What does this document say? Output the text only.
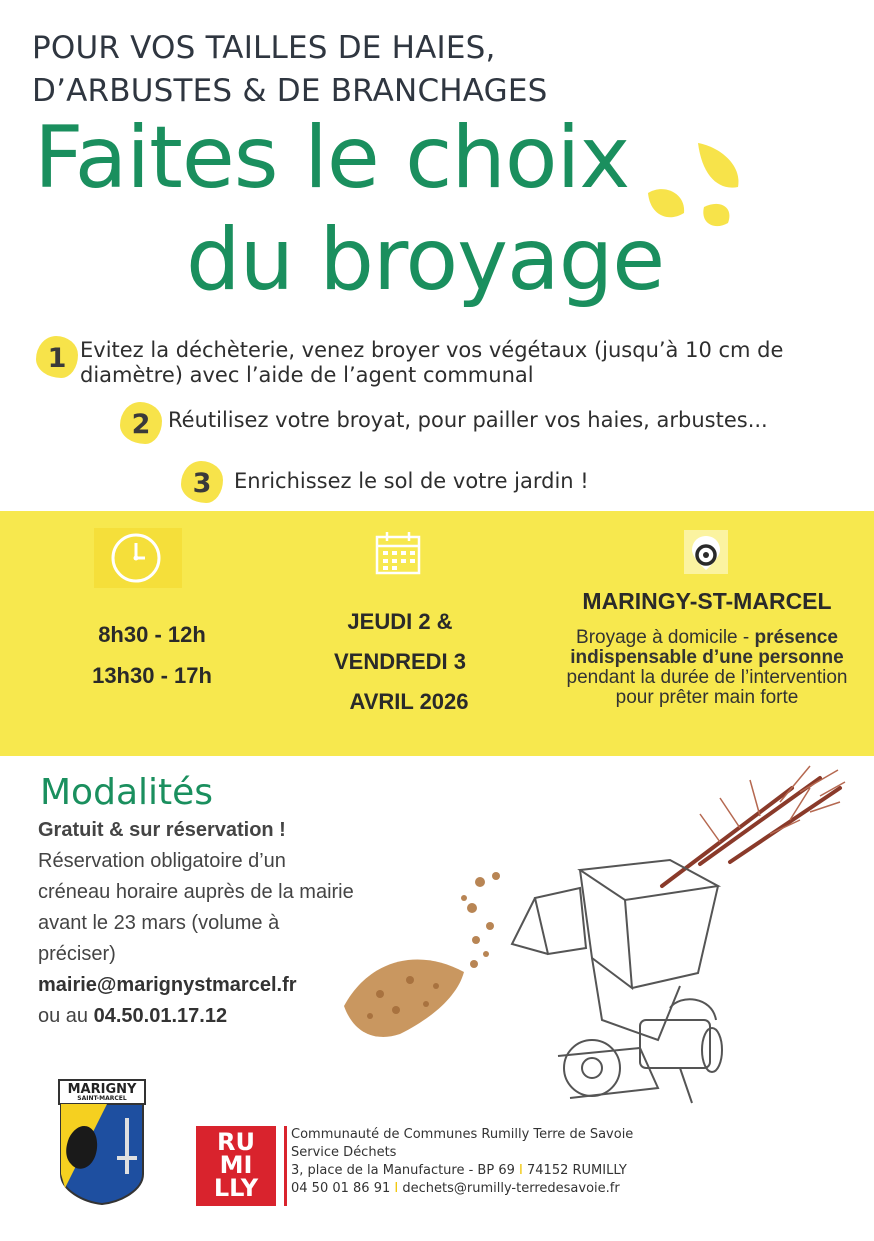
POUR VOS TAILLES DE HAIES,
D’ARBUSTES & DE BRANCHAGES
Faites le choix
du broyage
1 Evitez la déchèterie, venez broyer vos végétaux (jusqu’à 10 cm de
diamètre) avec l’aide de l’agent communal
2 Réutilisez votre broyat, pour pailler vos haies, arbustes...
3	Enrichissez le sol de votre jardin !
8h30 - 12h
13h30 - 17h
JEUDI 2 &
VENDREDI 3
AVRIL 2026
MARINGY-ST-MARCEL
Broyage à domicile - présence indispensable d’une personne pendant la durée de l’intervention pour prêter main forte
Modalités
Gratuit & sur réservation !
Réservation obligatoire d’un
créneau horaire auprès de la mairie
avant le 23 mars (volume à
préciser)
mairie@marignystmarcel.fr
ou au 04.50.01.17.12
MARIGNY
SAINT-MARCEL
RU
MI
LLY
Communauté de Communes Rumilly Terre de Savoie
Service Déchets
3, place de la Manufacture - BP 69 I 74152 RUMILLY
04 50 01 86 91 I dechets@rumilly-terredesavoie.fr
